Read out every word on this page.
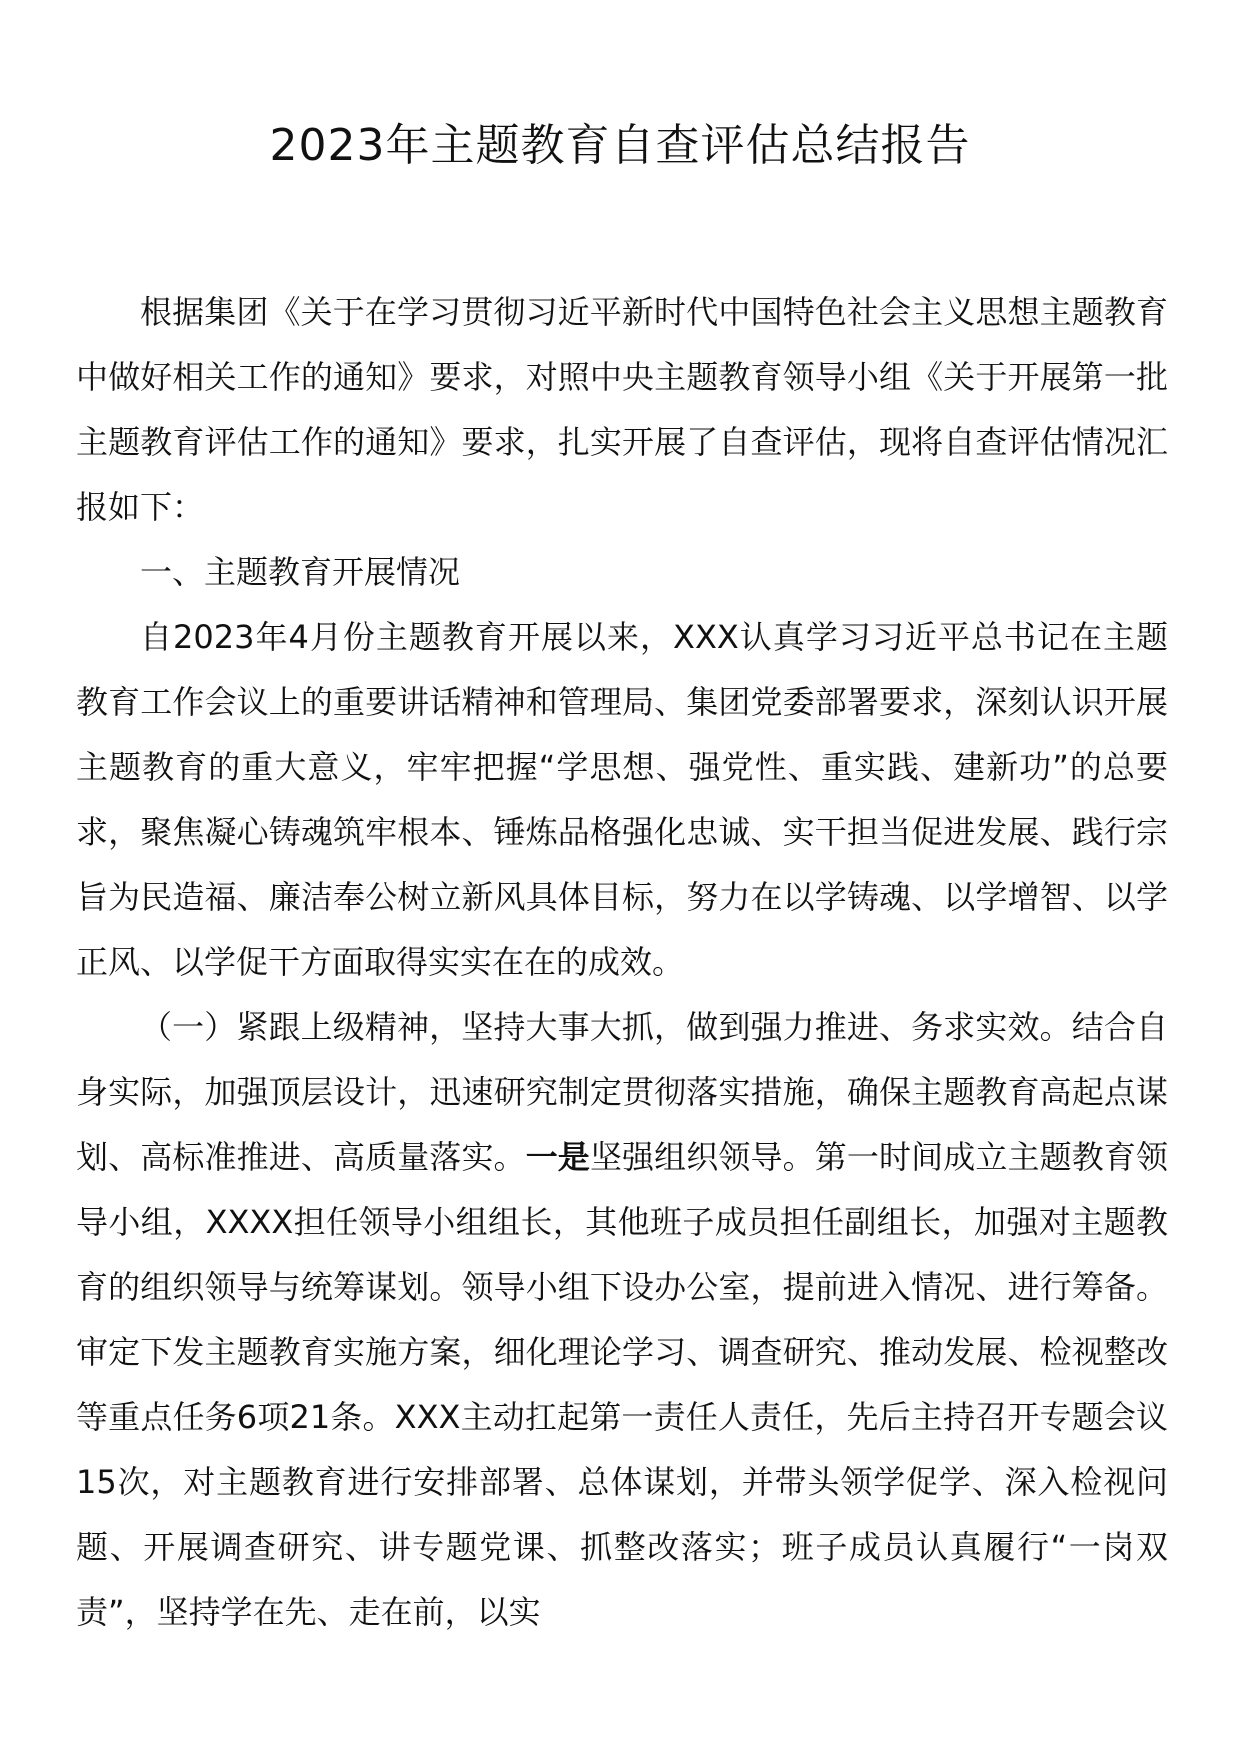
2023年主题教育自查评估总结报告

根据集团《关于在学习贯彻习近平新时代中国特色社会主义思想主题教育中做好相关工作的通知》要求，对照中央主题教育领导小组《关于开展第一批主题教育评估工作的通知》要求，扎实开展了自查评估，现将自查评估情况汇报如下：

一、主题教育开展情况

自2023年4月份主题教育开展以来，XXX认真学习习近平总书记在主题教育工作会议上的重要讲话精神和管理局、集团党委部署要求，深刻认识开展主题教育的重大意义，牢牢把握“学思想、强党性、重实践、建新功”的总要求，聚焦凝心铸魂筑牢根本、锤炼品格强化忠诚、实干担当促进发展、践行宗旨为民造福、廉洁奉公树立新风具体目标，努力在以学铸魂、以学增智、以学正风、以学促干方面取得实实在在的成效。

（一）紧跟上级精神，坚持大事大抓，做到强力推进、务求实效。结合自身实际，加强顶层设计，迅速研究制定贯彻落实措施，确保主题教育高起点谋划、高标准推进、高质量落实。一是坚强组织领导。第一时间成立主题教育领导小组，XXXX担任领导小组组长，其他班子成员担任副组长，加强对主题教育的组织领导与统筹谋划。领导小组下设办公室，提前进入情况、进行筹备。审定下发主题教育实施方案，细化理论学习、调查研究、推动发展、检视整改等重点任务6项21条。XXX主动扛起第一责任人责任，先后主持召开专题会议15次，对主题教育进行安排部署、总体谋划，并带头领学促学、深入检视问题、开展调查研究、讲专题党课、抓整改落实；班子成员认真履行“一岗双责”，坚持学在先、走在前，以实
